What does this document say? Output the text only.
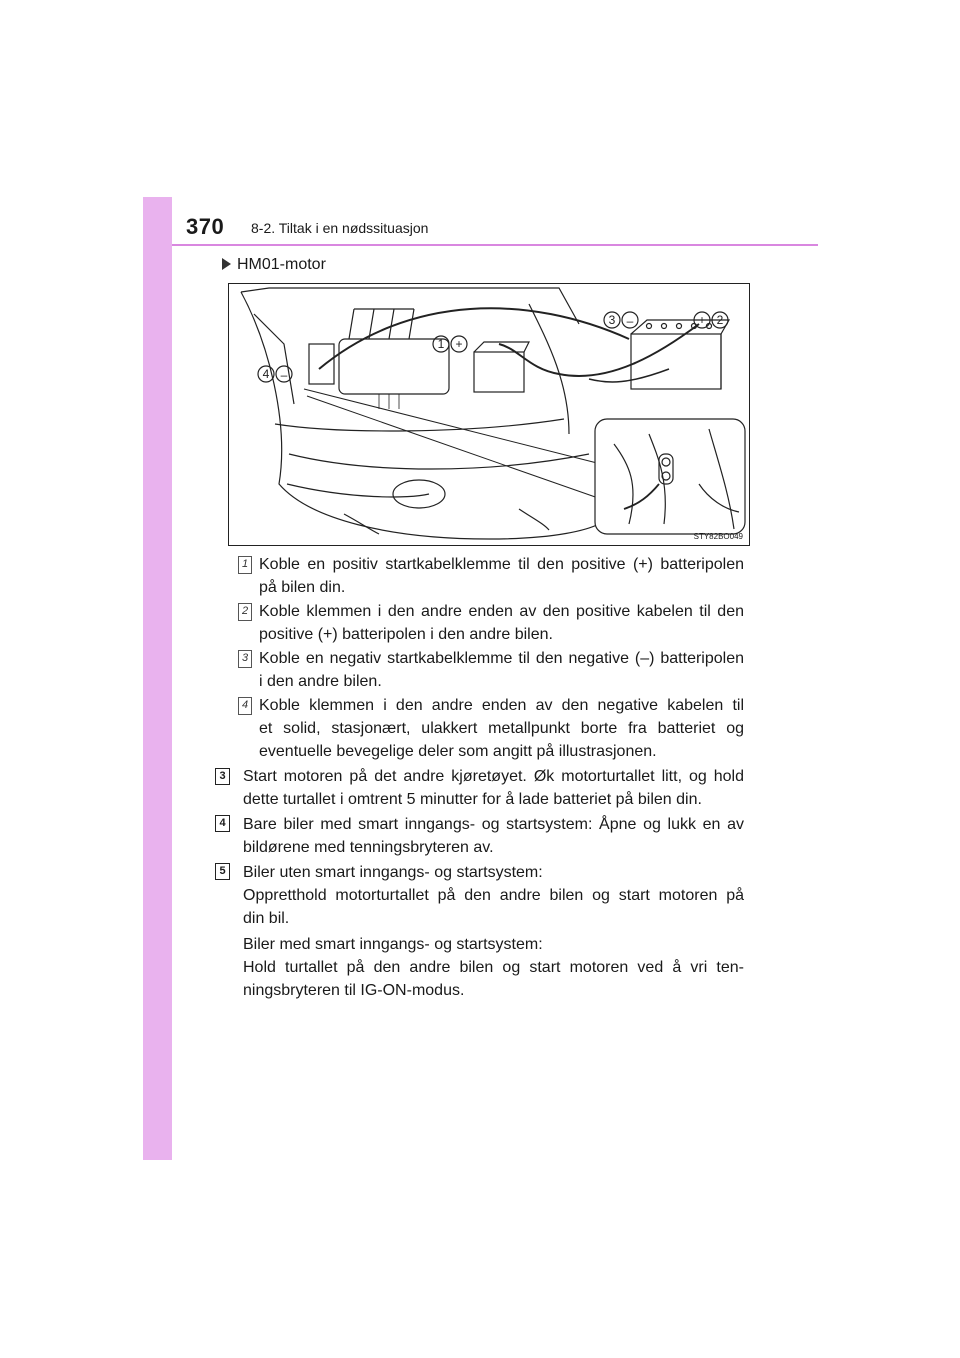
370 8-2. Tiltak i en nødssituasjon
HM01-motor
3 –	+ 2
1 +
4 –
STY82BO049
1 Koble en positiv startkabelklemme til den positive (+) batteripolen
på bilen din.
2 Koble klemmen i den andre enden av den positive kabelen til den
positive (+) batteripolen i den andre bilen.
3 Koble en negativ startkabelklemme til den negative (–) batteripolen
i den andre bilen.
4 Koble klemmen i den andre enden av den negative kabelen til
et solid, stasjonært, ulakkert metallpunkt borte fra batteriet og
eventuelle bevegelige deler som angitt på illustrasjonen.
3 Start motoren på det andre kjøretøyet. Øk motorturtallet litt, og hold
dette turtallet i omtrent 5 minutter for å lade batteriet på bilen din.
4 Bare biler med smart inngangs- og startsystem: Åpne og lukk en av
bildørene med tenningsbryteren av.
5 Biler uten smart inngangs- og startsystem:
Oppretthold motorturtallet på den andre bilen og start motoren på
din bil.
Biler med smart inngangs- og startsystem:
Hold turtallet på den andre bilen og start motoren ved å vri ten-
ningsbryteren til IG-ON-modus.
